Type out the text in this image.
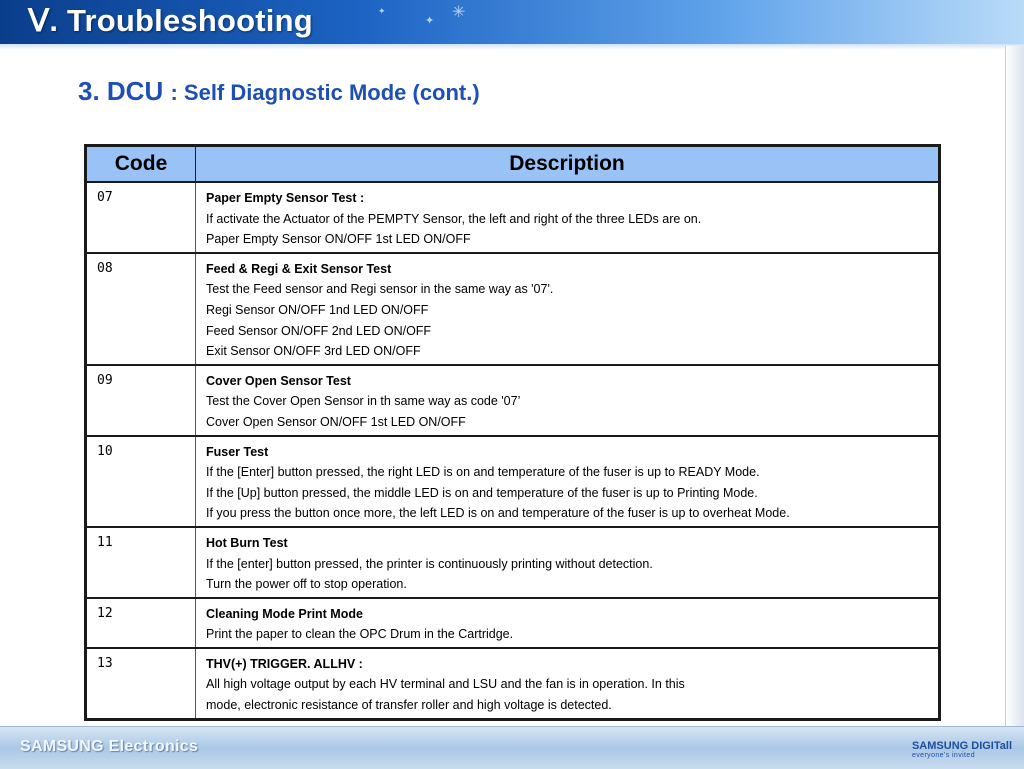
✳
✦
✦
Ⅴ. Troubleshooting
3. DCU : Self Diagnostic Mode (cont.)
Code	Description
07	Paper Empty Sensor Test :
If activate the Actuator of the PEMPTY Sensor, the left and right of the three LEDs are on.
Paper Empty Sensor ON/OFF 1st LED ON/OFF

08	Feed & Regi & Exit Sensor Test
Test the Feed sensor and Regi sensor in the same way as '07'.
Regi Sensor ON/OFF 1nd LED ON/OFF
Feed Sensor ON/OFF 2nd LED ON/OFF
Exit Sensor ON/OFF 3rd LED ON/OFF

09	Cover Open Sensor Test
Test the Cover Open Sensor in th same way as code '07’
Cover Open Sensor ON/OFF 1st LED ON/OFF

10	Fuser Test
If the [Enter] button pressed, the right LED is on and temperature of the fuser is up to READY Mode.
If the [Up] button pressed, the middle LED is on and temperature of the fuser is up to Printing Mode.
If you press the button once more, the left LED is on and temperature of the fuser is up to overheat Mode.

11	Hot Burn Test
If the [enter] button pressed, the printer is continuously printing without detection.
Turn the power off to stop operation.

12	Cleaning Mode Print Mode
Print the paper to clean the OPC Drum in the Cartridge.

13	THV(+) TRIGGER. ALLHV :
All high voltage output by each HV terminal and LSU and the fan is in operation. In this
mode, electronic resistance of transfer roller and high voltage is detected.
SAMSUNG Electronics	SAMSUNG DIGITall
everyone's invited
